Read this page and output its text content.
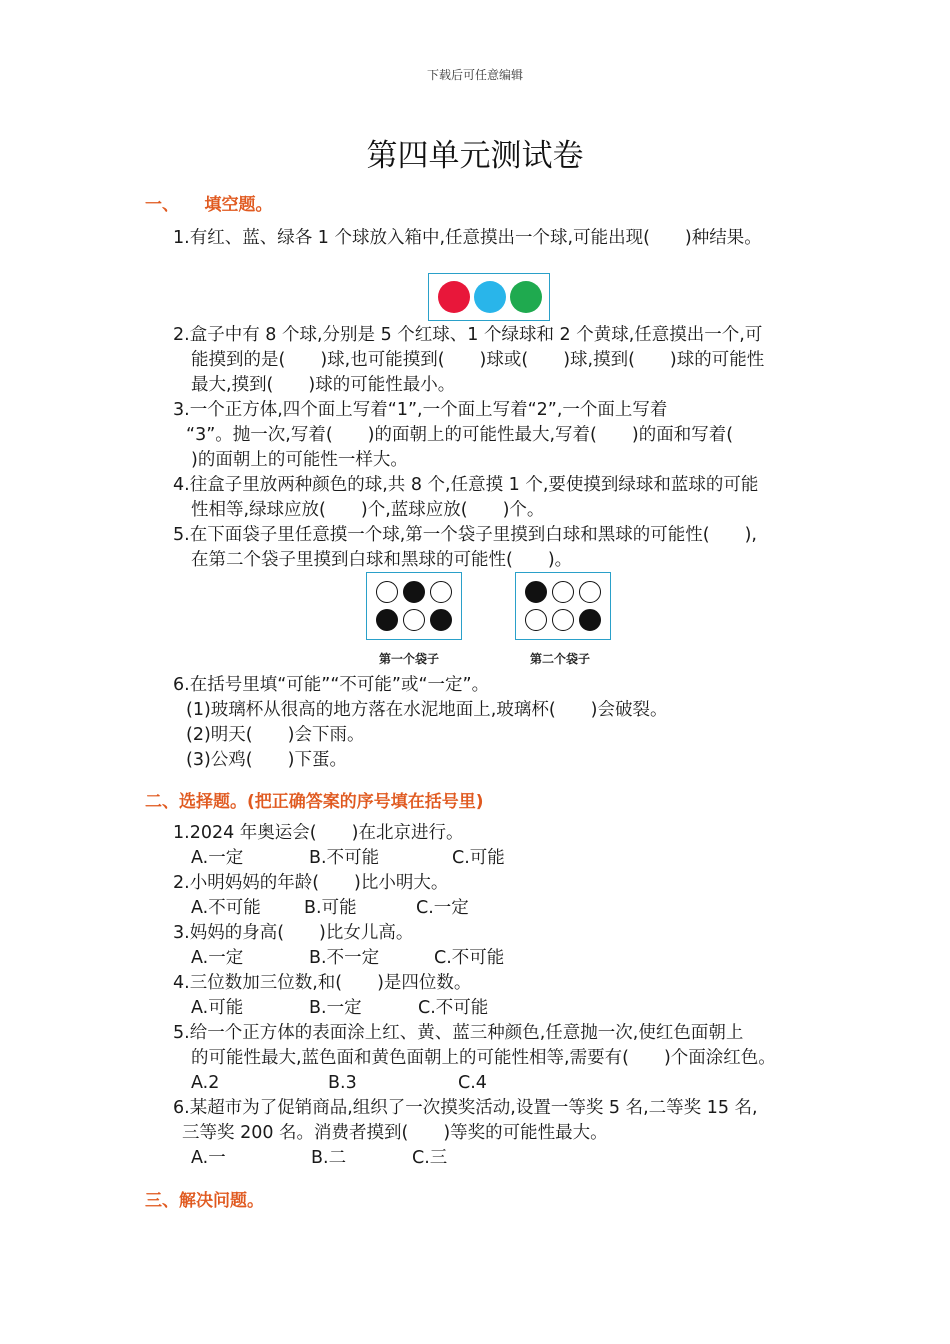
下载后可任意编辑
第四单元测试卷
一、　　填空题。
1.有红、蓝、绿各 1 个球放入箱中,任意摸出一个球,可能出现(　　)种结果。
2.盒子中有 8 个球,分别是 5 个红球、1 个绿球和 2 个黄球,任意摸出一个,可
能摸到的是(　　)球,也可能摸到(　　)球或(　　)球,摸到(　　)球的可能性
最大,摸到(　　)球的可能性最小。
3.一个正方体,四个面上写着“1”,一个面上写着“2”,一个面上写着
“3”。抛一次,写着(　　)的面朝上的可能性最大,写着(　　)的面和写着(
)的面朝上的可能性一样大。
4.往盒子里放两种颜色的球,共 8 个,任意摸 1 个,要使摸到绿球和蓝球的可能
性相等,绿球应放(　　)个,蓝球应放(　　)个。
5.在下面袋子里任意摸一个球,第一个袋子里摸到白球和黑球的可能性(　　),
在第二个袋子里摸到白球和黑球的可能性(　　)。
第一个袋子	第二个袋子
6.在括号里填“可能”“不可能”或“一定”。
(1)玻璃杯从很高的地方落在水泥地面上,玻璃杯(　　)会破裂。
(2)明天(　　)会下雨。
(3)公鸡(　　)下蛋。
二、选择题。(把正确答案的序号填在括号里)
1.2024 年奥运会(　　)在北京进行。
A.一定	B.不可能	C.可能
2.小明妈妈的年龄(　　)比小明大。
A.不可能 B.可能	C.一定
3.妈妈的身高(　　)比女儿高。
A.一定	B.不一定	C.不可能
4.三位数加三位数,和(　　)是四位数。
A.可能	B.一定	C.不可能
5.给一个正方体的表面涂上红、黄、蓝三种颜色,任意抛一次,使红色面朝上
的可能性最大,蓝色面和黄色面朝上的可能性相等,需要有(　　)个面涂红色。
A.2	B.3	C.4
6.某超市为了促销商品,组织了一次摸奖活动,设置一等奖 5 名,二等奖 15 名,
三等奖 200 名。消费者摸到(　　)等奖的可能性最大。
A.一	B.二	C.三
三、解决问题。
